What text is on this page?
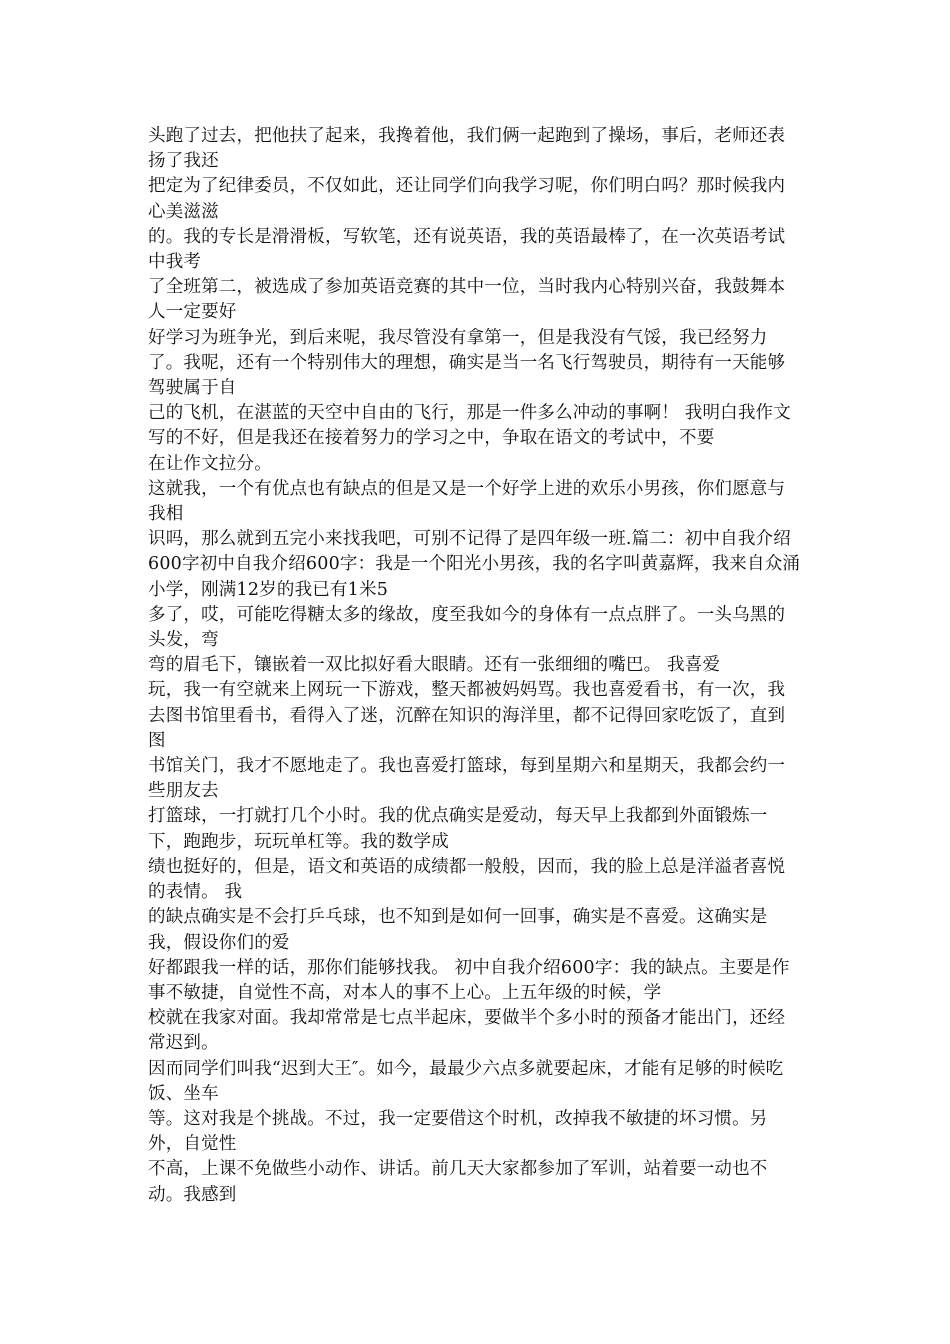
头跑了过去，把他扶了起来，我搀着他，我们俩一起跑到了操场，事后，老师还表扬了我还

把定为了纪律委员，不仅如此，还让同学们向我学习呢，你们明白吗？那时候我内心美滋滋

的。我的专长是滑滑板，写软笔，还有说英语，我的英语最棒了，在一次英语考试中我考

了全班第二，被选成了参加英语竞赛的其中一位，当时我内心特别兴奋，我鼓舞本人一定要好

好学习为班争光，到后来呢，我尽管没有拿第一，但是我没有气馁，我已经努力了。我呢，还有一个特别伟大的理想，确实是当一名飞行驾驶员，期待有一天能够驾驶属于自

己的飞机，在湛蓝的天空中自由的飞行，那是一件多么冲动的事啊！ 我明白我作文写的不好，但是我还在接着努力的学习之中，争取在语文的考试中，不要

在让作文拉分。

这就我，一个有优点也有缺点的但是又是一个好学上进的欢乐小男孩，你们愿意与我相

识吗，那么就到五完小来找我吧，可别不记得了是四年级一班.篇二：初中自我介绍600字初中自我介绍600字：我是一个阳光小男孩，我的名字叫黄嘉辉，我来自众涌小学，刚满12岁的我已有1米5

多了，哎，可能吃得糖太多的缘故，度至我如今的身体有一点点胖了。一头乌黑的头发，弯

弯的眉毛下，镶嵌着一双比拟好看大眼睛。还有一张细细的嘴巴。 我喜爱

玩，我一有空就来上网玩一下游戏，整天都被妈妈骂。我也喜爱看书，有一次，我去图书馆里看书，看得入了迷，沉醉在知识的海洋里，都不记得回家吃饭了，直到图

书馆关门，我才不愿地走了。我也喜爱打篮球，每到星期六和星期天，我都会约一些朋友去

打篮球，一打就打几个小时。我的优点确实是爱动，每天早上我都到外面锻炼一下，跑跑步，玩玩单杠等。我的数学成

绩也挺好的，但是，语文和英语的成绩都一般般，因而，我的脸上总是洋溢者喜悦的表情。 我

的缺点确实是不会打乒乓球，也不知到是如何一回事，确实是不喜爱。这确实是我，假设你们的爱

好都跟我一样的话，那你们能够找我。 初中自我介绍600字：我的缺点。主要是作事不敏捷，自觉性不高，对本人的事不上心。上五年级的时候，学

校就在我家对面。我却常常是七点半起床，要做半个多小时的预备才能出门，还经常迟到。

因而同学们叫我“迟到大王″。如今，最最少六点多就要起床，才能有足够的时候吃饭、坐车

等。这对我是个挑战。不过，我一定要借这个时机，改掉我不敏捷的坏习惯。另外，自觉性

不高，上课不免做些小动作、讲话。前几天大家都参加了军训，站着要一动也不动。我感到
